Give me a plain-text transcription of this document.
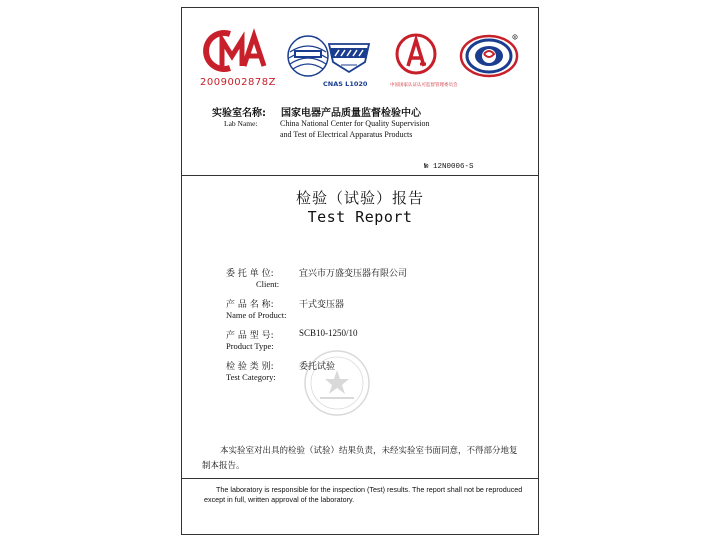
2009002878Z	CNAS L1020	中国国家认证认可监督管理委员会
R
实验室名称: 国家电器产品质量监督检验中心
Lab Name:	China National Center for Quality Supervision
and Test of Electrical Apparatus Products
№ 12N0006-S
检验（试验）报告
Test Report
委 托 单 位:	宜兴市万盛变压器有限公司
Client:
产 品 名 称:	干式变压器
Name of Product:
产 品 型 号:	SCB10-1250/10
Product Type:
检 验 类 别:	委托试验
Test Category:
本实验室对出具的检验（试验）结果负责，未经实验室书面同意，不得部分地复制本报告。
The laboratory is responsible for the inspection (Test) results. The report shall not be reproduced except in full, written approval of the laboratory.
